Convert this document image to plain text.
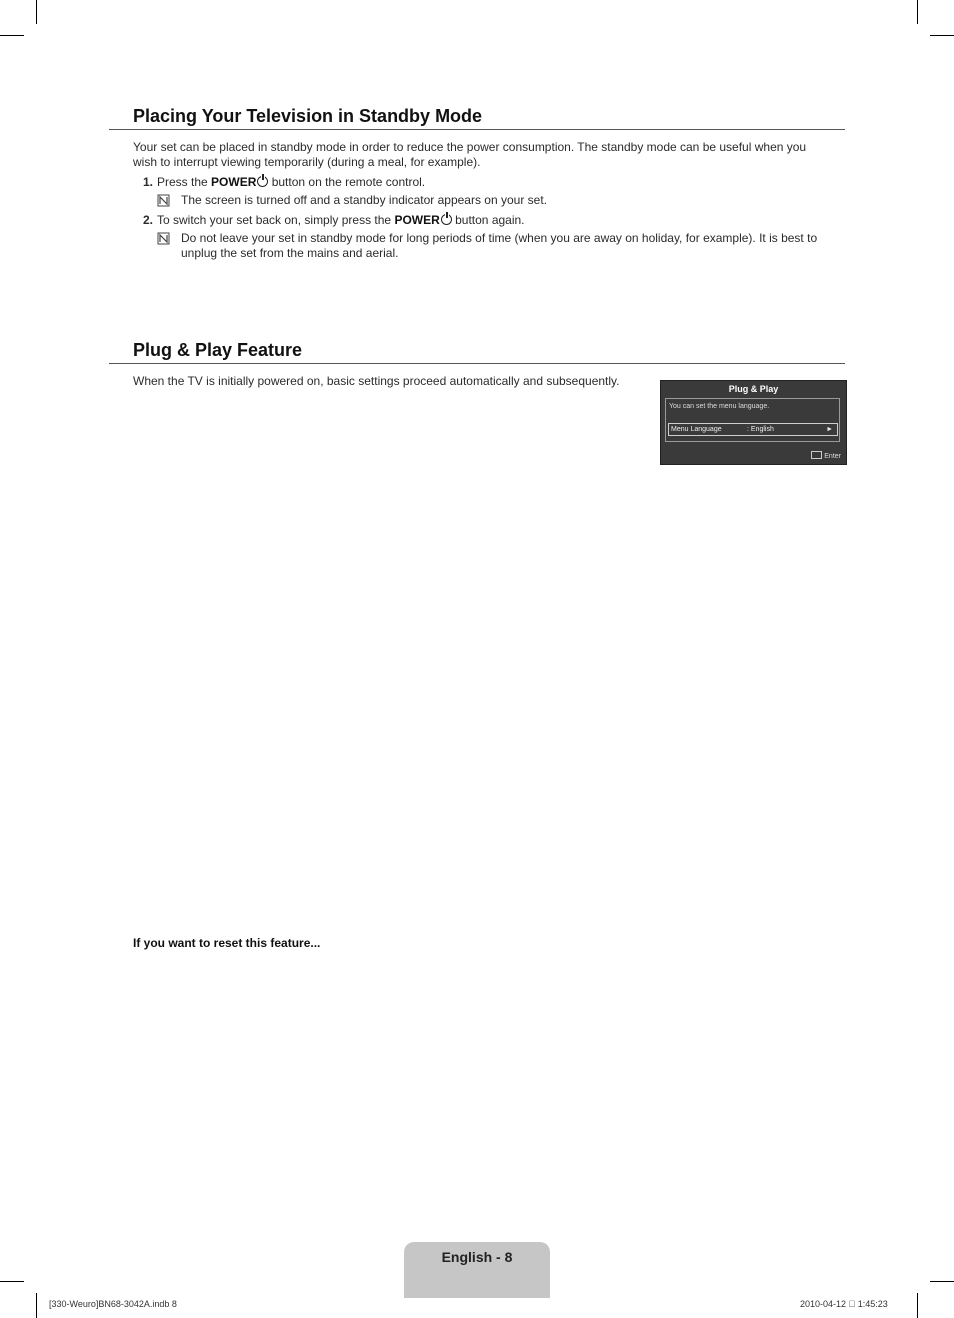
Placing Your Television in Standby Mode
Your set can be placed in standby mode in order to reduce the power consumption. The standby mode can be useful when you wish to interrupt viewing temporarily (during a meal, for example).
1. Press the POWER button on the remote control.
The screen is turned off and a standby indicator appears on your set.
2. To switch your set back on, simply press the POWER button again.
Do not leave your set in standby mode for long periods of time (when you are away on holiday, for example). It is best to unplug the set from the mains and aerial.
Plug & Play Feature
When the TV is initially powered on, basic settings proceed automatically and subsequently.
Plug & Play
You can set the menu language.
Menu Language	: English	►
Enter
If you want to reset this feature...
English - 8
[330-Weuro]BN68-3042A.indb 8	2010-04-12   1:45:23
